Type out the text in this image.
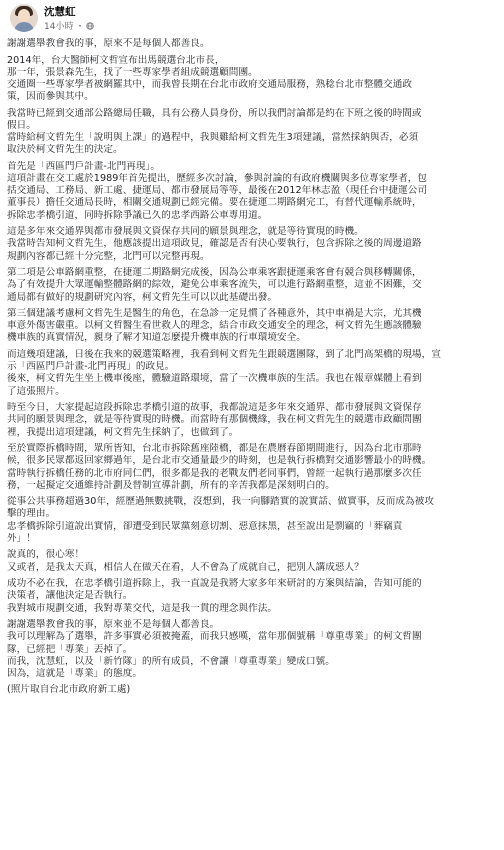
沈慧虹
14小時 ・
謝謝選舉教會我的事，原來不是每個人都善良。
2014年，台大醫師柯文哲宣布出馬競選台北市長，
那一年，張景森先生，找了一些專家學者組成競選顧問團。
交通圈一些專家學者被網羅其中，而我曾長期在台北市政府交通局服務，熟稔台北市整體交通政
策，因而參與其中。
我當時已經到交通部公路總局任職，具有公務人員身份，所以我們討論都是約在下班之後的時間或
假日。
當時給柯文哲先生「說明與上課」的過程中，我與雞給柯文哲先生3項建議，當然採納與否，必須
取決於柯文哲先生的決定。
首先是「西區門戶計畫-北門再現」。
這項計畫在交工處於1989年首先提出，歷經多次討論，參與討論的有政府機關與多位專家學者，包
括交通局、工務局、新工處、捷運局、都市發展局等等，最後在2012年林志盈（現任台中捷運公司
董事長）擔任交通局長時，相關交通規劃已經完備。要在捷運二期路網完工，有替代運輸系統時，
拆除忠孝橋引道，同時拆除爭議已久的忠孝西路公車專用道。
這是多年來交通界與都市發展與文資保存共同的願景與理念，就是等待實現的時機。
我當時告知柯文哲先生，他應該提出這項政見，確認是否有決心要執行，包含拆除之後的周邊道路
規劃內容都已經十分完整，北門可以完整再現。
第二項是公車路網重整，在捷運二期路網完成後，因為公車乘客跟捷運乘客會有競合與移轉關係，
為了有效提升大眾運輸整體路網的綜效，避免公車乘客流失，可以進行路網重整，這並不困難，交
通局都有做好的規劃研究內容，柯文哲先生可以以此基礎出發。
第三個建議考慮柯文哲先生是醫生的角色，在急診一定見慣了各種意外，其中車禍是大宗，尤其機
車意外傷害嚴重。以柯文哲醫生看世救人的理念，結合市政交通安全的理念，柯文哲先生應該體驗
機車族的真實情況，親身了解才知道怎麼提升機車族的行車環境安全。
而這幾項建議，日後在我來的競選策略裡，我看到柯文哲先生跟競選團隊，到了北門高架橋的現場，宣
示「西區門戶計畫-北門再現」的政見。
後來，柯文哲先生坐上機車後座，體驗道路環境，當了一次機車族的生活。我也在報章媒體上看到
了這張照片。
時至今日，大家提起這段拆除忠孝橋引道的故事，我都說這是多年來交通界、都市發展與文資保存
共同的願景與理念，就是等待實現的時機。而當時有那個機緣，我在柯文哲先生的競選市政顧問團
裡，我提出這項建議，柯文哲先生採納了，也做到了。
至於實際拆橋時間，眾所皆知，台北市拆除舊座陸橋，都是在農曆春節期間進行，因為台北市那時
候，很多民眾都返回家鄉過年，是台北市交通量最少的時刻，也是執行拆橋對交通影響最小的時機。
當時執行拆橋任務的北市府同仁們，很多都是我的老戰友們老同事們，曾經一起執行過那麼多次任
務，一起擬定交通維持計劃及替制宣導計劃，所有的辛苦我都是深刻明白的。
從事公共事務超過30年，經歷過無數挑戰，沒想到，我一向腳踏實的說實話、做實事，反而成為被攻
擊的理由。
忠孝橋拆除引道說出實情，卻遭受到民眾黨刻意切割、惡意抹黑，甚至說出是剽竊的「葬竊貢
外」！
說真的，很心寒！
又或者，是我太天真，相信人在做天在看，人不會為了成就自己，把別人講成惡人？
成功不必在我，在忠孝橋引道拆除上，我一直說是我將大家多年來研討的方案與結論，告知可能的
決策者，讓他決定是否執行。
我對城市規劃交通，我對專業交代，這是我一貫的理念與作法。
謝謝選舉教會我的事，原來並不是每個人都善良。
我可以理解為了選舉，許多事實必須被掩蓋，而我只感嘆，當年那個號稱「尊重專業」的柯文哲團
隊，已經把「專業」丟掉了。
而我，沈慧虹，以及「新竹隊」的所有成員，不會讓「尊重專業」變成口號。
因為，這就是「專業」的態度。
(照片取自台北市政府新工處)
